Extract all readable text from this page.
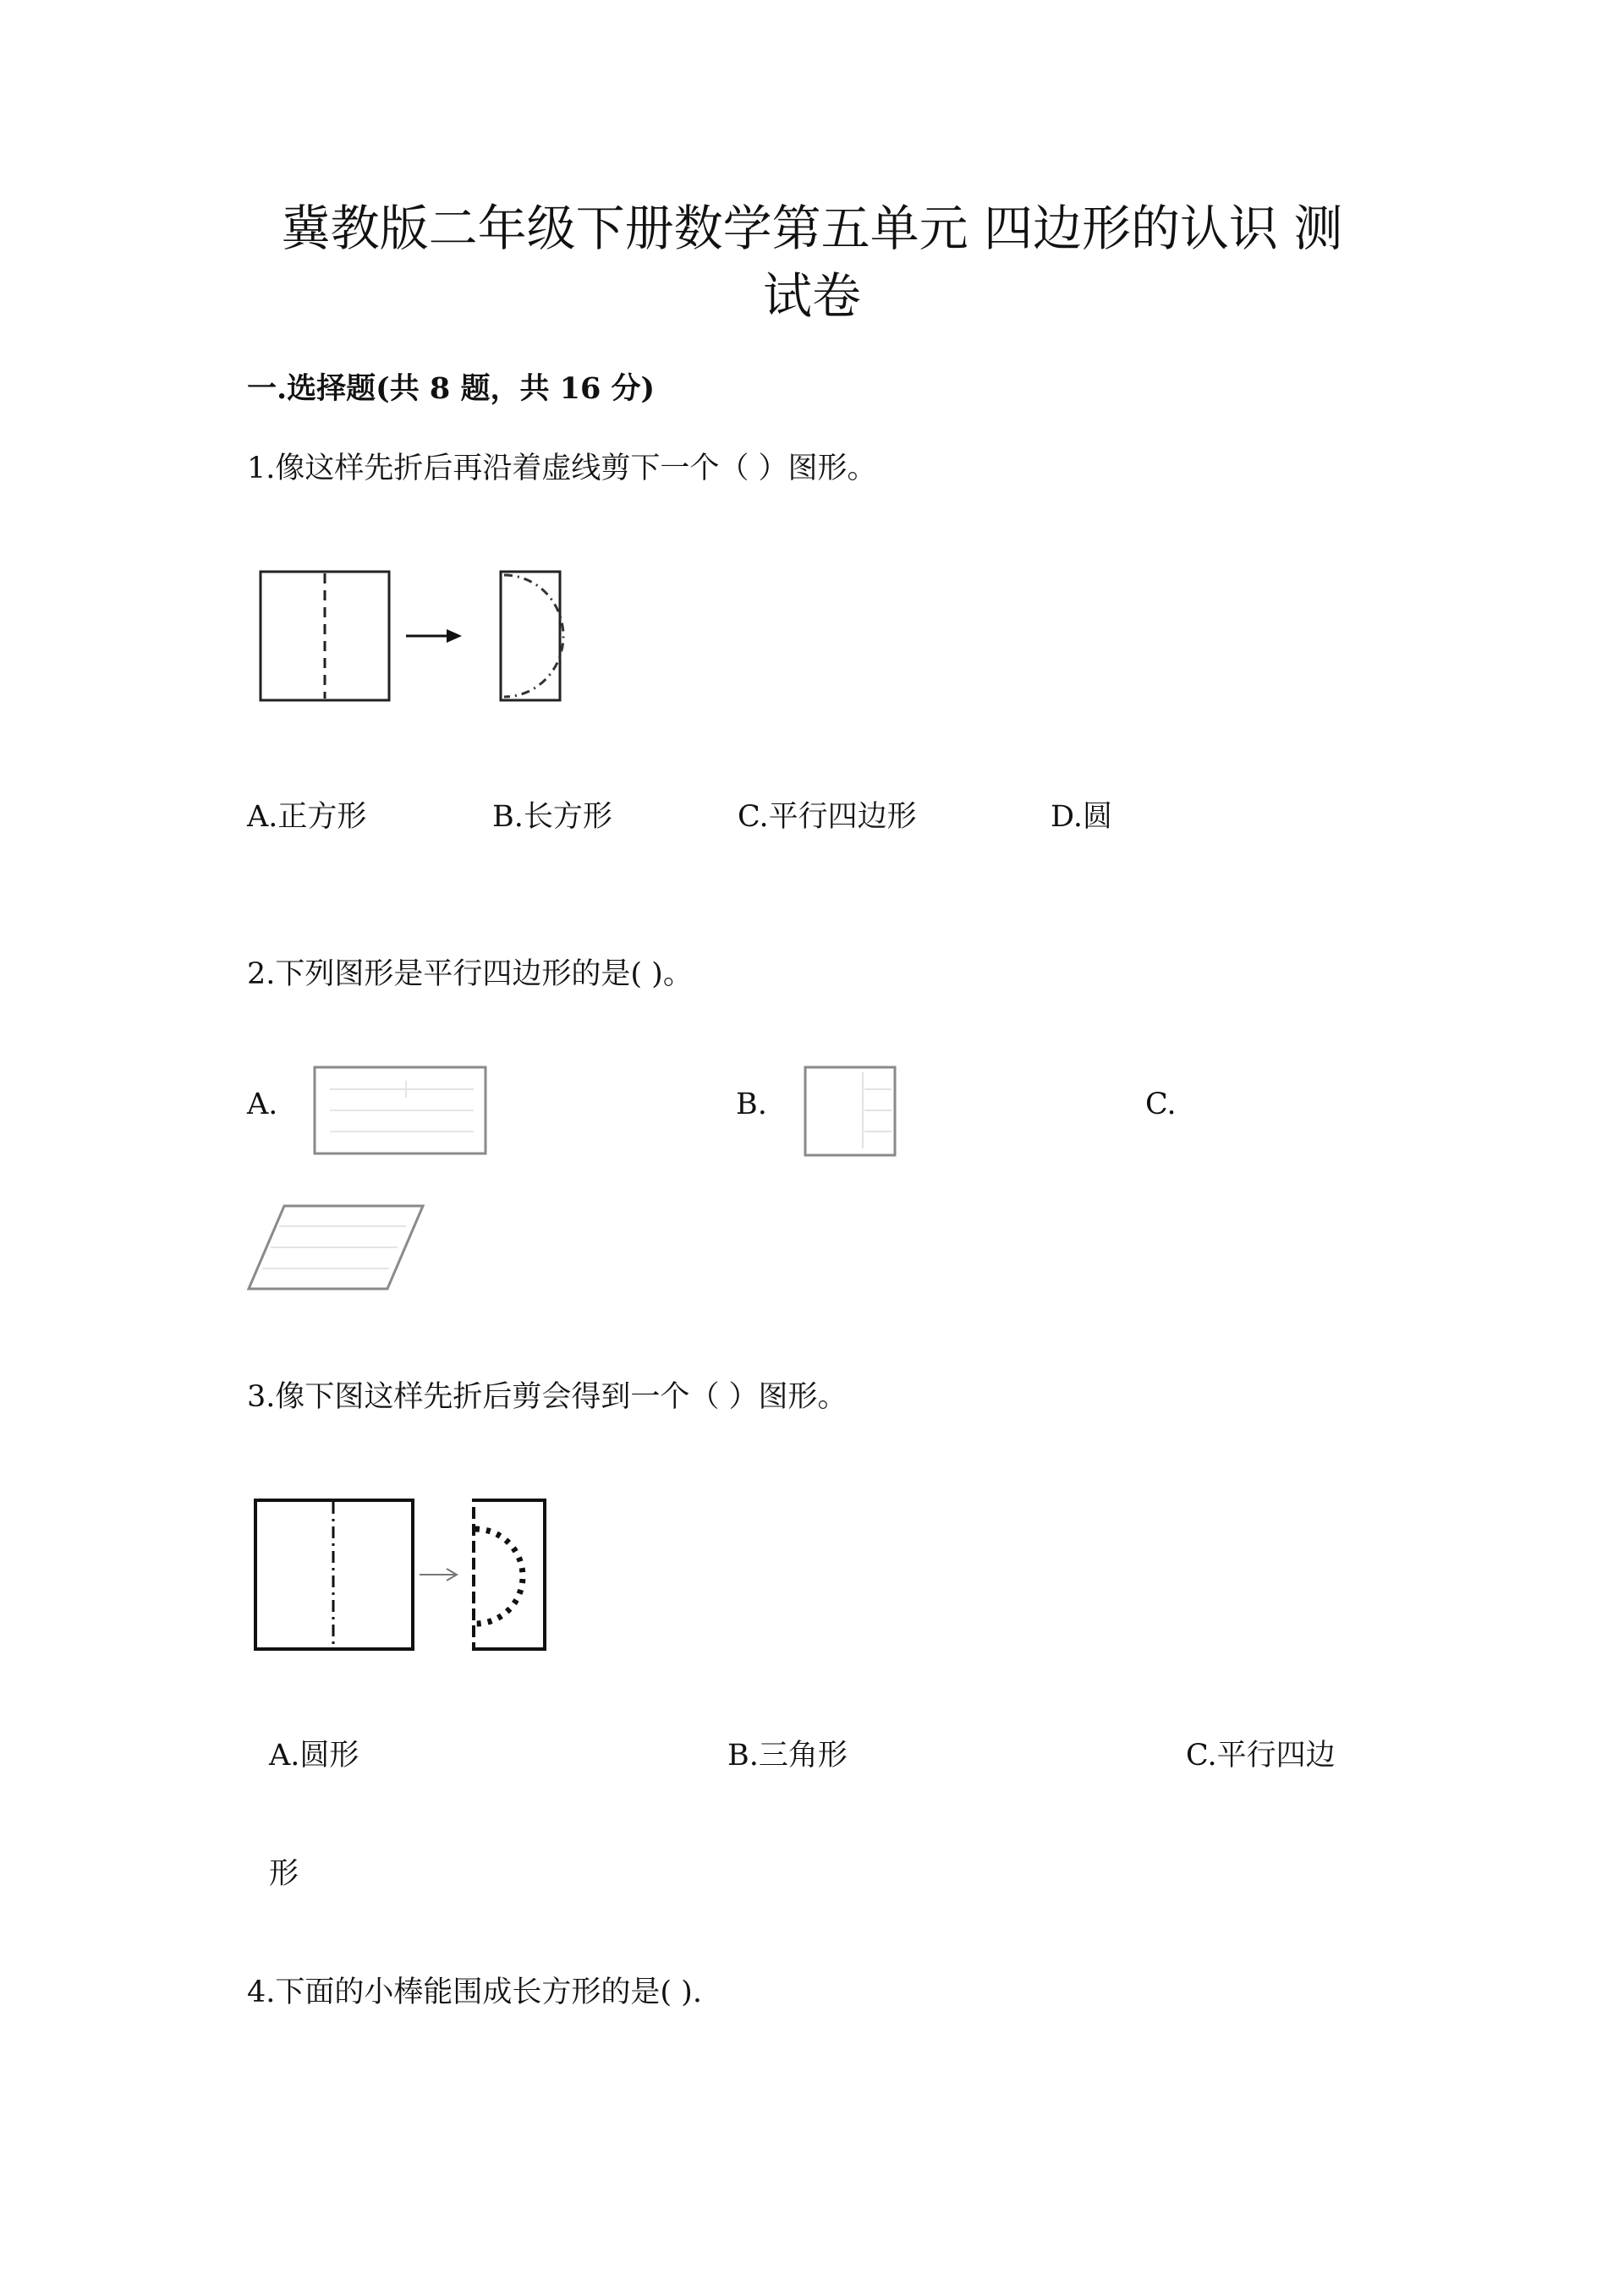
冀教版二年级下册数学第五单元 四边形的认识 测
试卷
一.选择题(共 8 题，共 16 分)
1.像这样先折后再沿着虚线剪下一个（ ）图形。
A.正方形	B.长方形	C.平行四边形	D.圆
2.下列图形是平行四边形的是( )。
A.	B.	C.
3.像下图这样先折后剪会得到一个（ ）图形。
A.圆形	B.三角形	C.平行四边
形
4.下面的小棒能围成长方形的是( ).
